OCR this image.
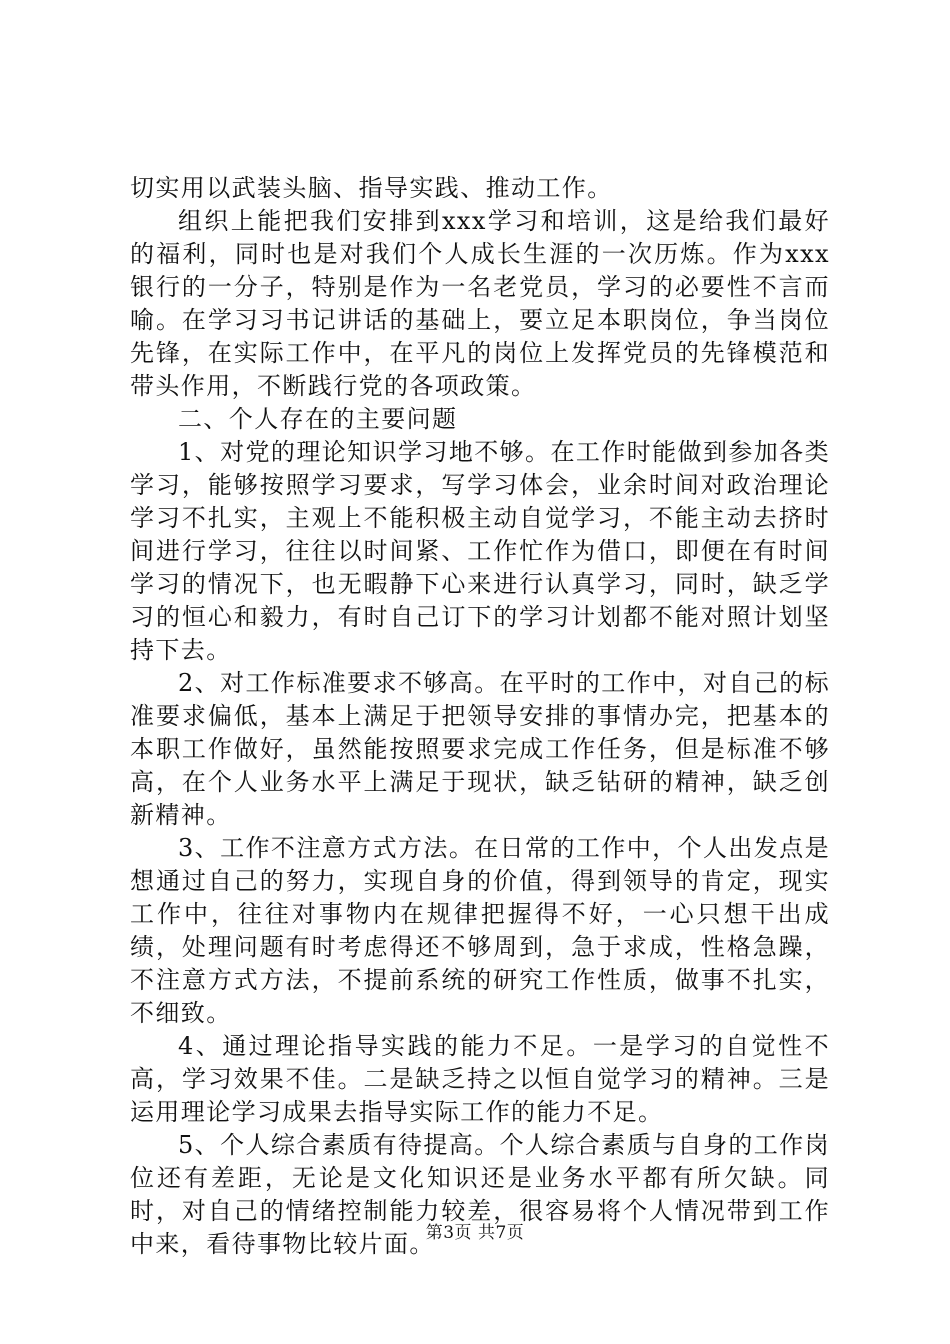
切实用以武装头脑、指导实践、推动工作。

组织上能把我们安排到xxx学习和培训，这是给我们最好的福利，同时也是对我们个人成长生涯的一次历炼。作为xxx银行的一分子，特别是作为一名老党员，学习的必要性不言而喻。在学习习书记讲话的基础上，要立足本职岗位，争当岗位先锋，在实际工作中，在平凡的岗位上发挥党员的先锋模范和带头作用，不断践行党的各项政策。

二、个人存在的主要问题

1、对党的理论知识学习地不够。在工作时能做到参加各类学习，能够按照学习要求，写学习体会，业余时间对政治理论学习不扎实，主观上不能积极主动自觉学习，不能主动去挤时间进行学习，往往以时间紧、工作忙作为借口，即便在有时间学习的情况下，也无暇静下心来进行认真学习，同时，缺乏学习的恒心和毅力，有时自己订下的学习计划都不能对照计划坚持下去。

2、对工作标准要求不够高。在平时的工作中，对自己的标准要求偏低，基本上满足于把领导安排的事情办完，把基本的本职工作做好，虽然能按照要求完成工作任务，但是标准不够高，在个人业务水平上满足于现状，缺乏钻研的精神，缺乏创新精神。

3、工作不注意方式方法。在日常的工作中，个人出发点是想通过自己的努力，实现自身的价值，得到领导的肯定，现实工作中，往往对事物内在规律把握得不好，一心只想干出成绩，处理问题有时考虑得还不够周到，急于求成，性格急躁，不注意方式方法，不提前系统的研究工作性质，做事不扎实，不细致。

4、通过理论指导实践的能力不足。一是学习的自觉性不高，学习效果不佳。二是缺乏持之以恒自觉学习的精神。三是运用理论学习成果去指导实际工作的能力不足。

5、个人综合素质有待提高。个人综合素质与自身的工作岗位还有差距，无论是文化知识还是业务水平都有所欠缺。同时，对自己的情绪控制能力较差，很容易将个人情况带到工作中来，看待事物比较片面。

第3页 共7页
